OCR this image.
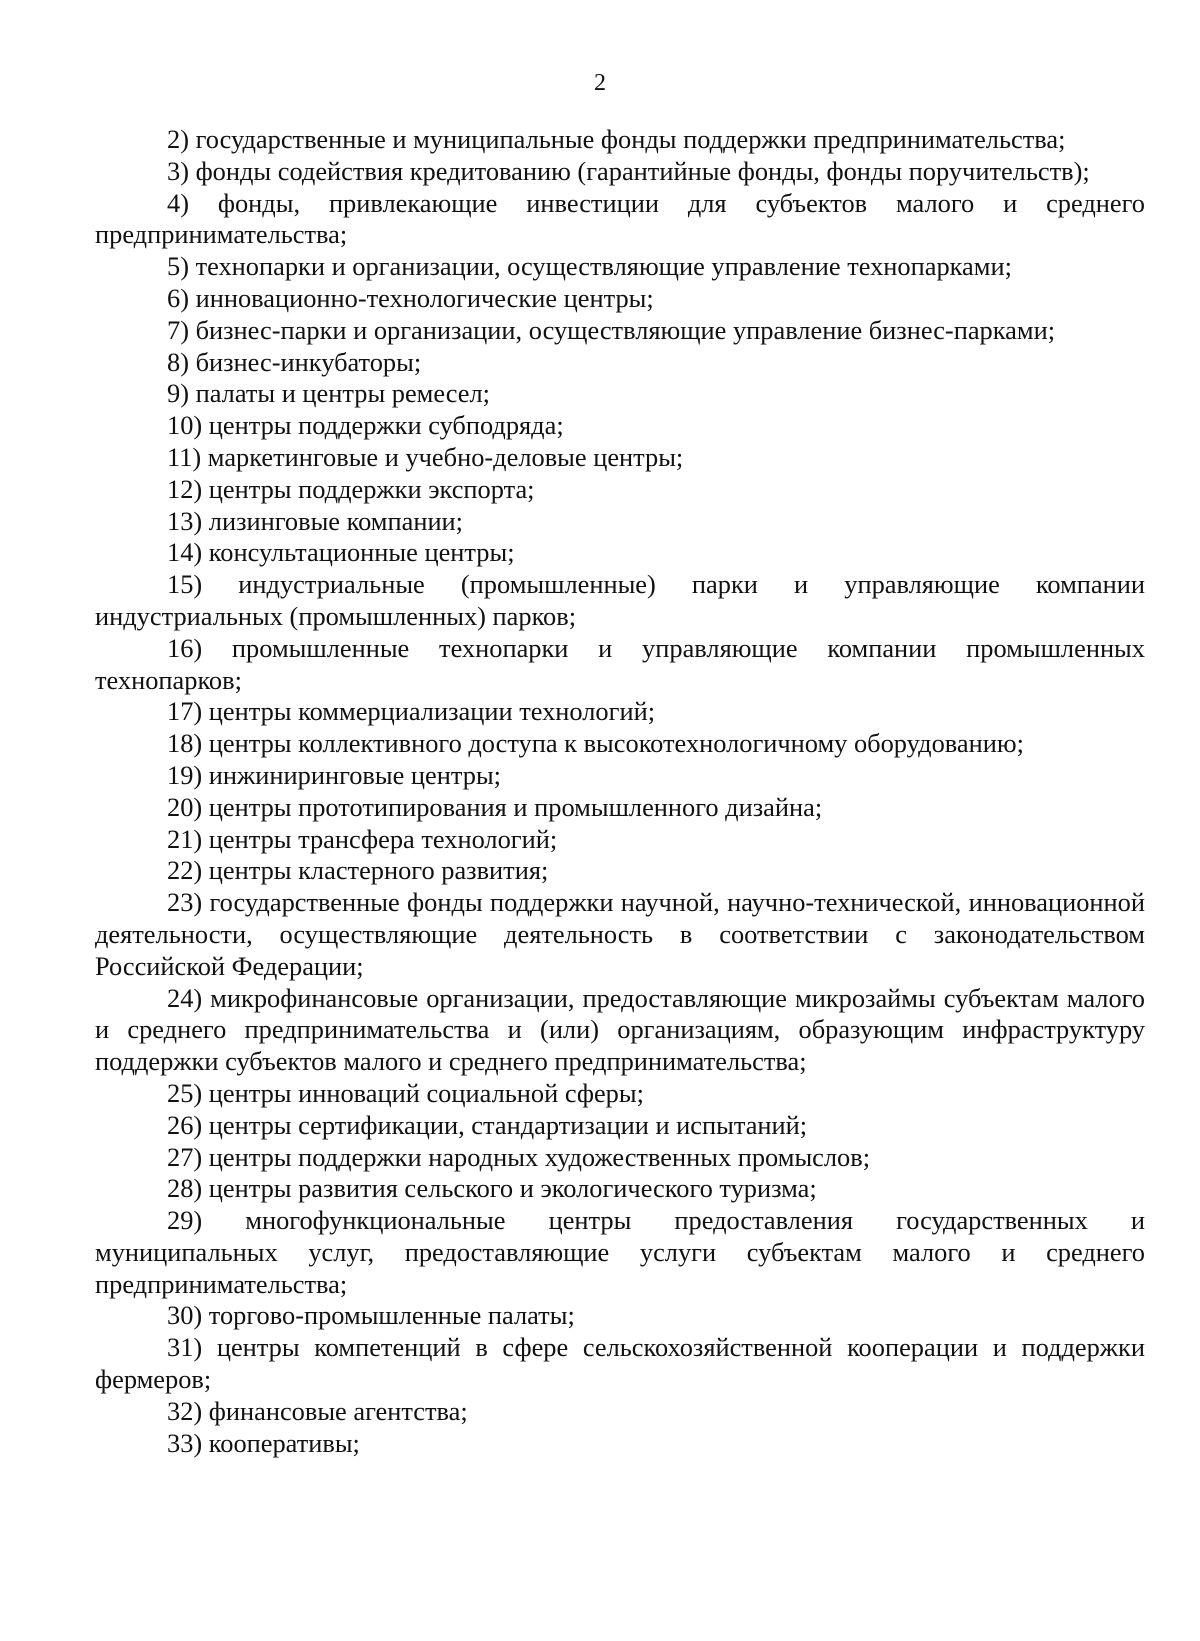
2

2) государственные и муниципальные фонды поддержки предпринимательства;

3) фонды содействия кредитованию (гарантийные фонды, фонды поручительств);

4) фонды, привлекающие инвестиции для субъектов малого и среднего предпринимательства;

5) технопарки и организации, осуществляющие управление технопарками;

6) инновационно-технологические центры;

7) бизнес-парки и организации, осуществляющие управление бизнес-парками;

8) бизнес-инкубаторы;

9) палаты и центры ремесел;

10) центры поддержки субподряда;

11) маркетинговые и учебно-деловые центры;

12) центры поддержки экспорта;

13) лизинговые компании;

14) консультационные центры;

15) индустриальные (промышленные) парки и управляющие компании индустриальных (промышленных) парков;

16) промышленные технопарки и управляющие компании промышленных технопарков;

17) центры коммерциализации технологий;

18) центры коллективного доступа к высокотехнологичному оборудованию;

19) инжиниринговые центры;

20) центры прототипирования и промышленного дизайна;

21) центры трансфера технологий;

22) центры кластерного развития;

23) государственные фонды поддержки научной, научно-технической, инновационной деятельности, осуществляющие деятельность в соответствии с законодательством Российской Федерации;

24) микрофинансовые организации, предоставляющие микрозаймы субъектам малого и среднего предпринимательства и (или) организациям, образующим инфраструктуру поддержки субъектов малого и среднего предпринимательства;

25) центры инноваций социальной сферы;

26) центры сертификации, стандартизации и испытаний;

27) центры поддержки народных художественных промыслов;

28) центры развития сельского и экологического туризма;

29) многофункциональные центры предоставления государственных и муниципальных услуг, предоставляющие услуги субъектам малого и среднего предпринимательства;

30) торгово-промышленные палаты;

31) центры компетенций в сфере сельскохозяйственной кооперации и поддержки фермеров;

32) финансовые агентства;

33) кооперативы;
